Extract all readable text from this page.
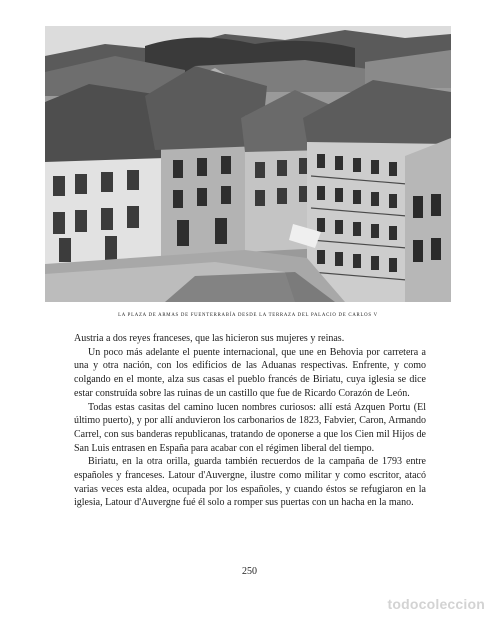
LA PLAZA DE ARMAS DE FUENTERRABÍA DESDE LA TERRAZA DEL PALACIO DE CARLOS V

Austria a dos reyes franceses, que las hicieron sus mujeres y reinas.

Un poco más adelante el puente internacional, que une en Behovia por carretera a una y otra nación, con los edificios de las Aduanas respectivas. Enfrente, y como colgando en el monte, alza sus casas el pueblo francés de Biriatu, cuya iglesia se dice estar construída sobre las ruinas de un castillo que fue de Ricardo Corazón de León.

Todas estas casitas del camino lucen nombres curiosos: allí está Azquen Portu (El último puerto), y por allí anduvieron los carbonarios de 1823, Fabvier, Caron, Armando Carrel, con sus banderas republicanas, tratando de oponerse a que los Cien mil Hijos de San Luis entrasen en España para acabar con el régimen liberal del tiempo.

Biriatu, en la otra orilla, guarda también recuerdos de la campaña de 1793 entre españoles y franceses. Latour d'Auvergne, ilustre como militar y como escritor, atacó varias veces esta aldea, ocupada por los españoles, y cuando éstos se refugiaron en la iglesia, Latour d'Auvergne fué él solo a romper sus puertas con un hacha en la mano.

250
todocoleccion
